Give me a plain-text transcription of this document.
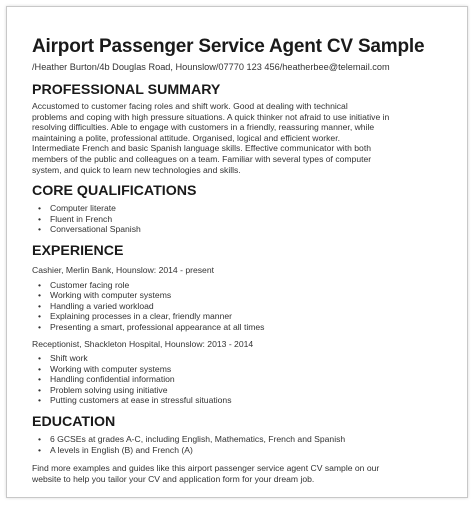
Airport Passenger Service Agent CV Sample
/Heather Burton/4b Douglas Road, Hounslow/07770 123 456/heatherbee@telemail.com
PROFESSIONAL SUMMARY
Accustomed to customer facing roles and shift work. Good at dealing with technical
problems and coping with high pressure situations. A quick thinker not afraid to use initiative in
resolving difficulties. Able to engage with customers in a friendly, reassuring manner, while
maintaining a polite, professional attitude. Organised, logical and efficient worker.
Intermediate French and basic Spanish language skills. Effective communicator with both
members of the public and colleagues on a team. Familiar with several types of computer
system, and quick to learn new technologies and skills.
CORE QUALIFICATIONS
• Computer literate
• Fluent in French
• Conversational Spanish
EXPERIENCE
Cashier, Merlin Bank, Hounslow: 2014 - present
• Customer facing role
• Working with computer systems
• Handling a varied workload
• Explaining processes in a clear, friendly manner
• Presenting a smart, professional appearance at all times
Receptionist, Shackleton Hospital, Hounslow: 2013 - 2014
• Shift work
• Working with computer systems
• Handling confidential information
• Problem solving using initiative
• Putting customers at ease in stressful situations
EDUCATION
• 6 GCSEs at grades A-C, including English, Mathematics, French and Spanish
• A levels in English (B) and French (A)
Find more examples and guides like this airport passenger service agent CV sample on our
website to help you tailor your CV and application form for your dream job.
